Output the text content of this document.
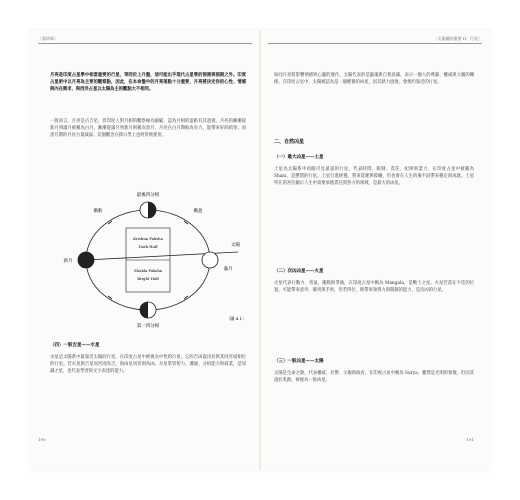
〔第四章〕
月亮是印度占星學中相當重要的行星，等同於上升盤，這可能出乎現代占星學的預測與預期之外。印度占星術中以月亮為主要的觀察點，因此，在本命盤中的月亮落點十分重要，月亮將決定你的心性、情感與內在需求，與西洋占星以太陽為主的觀點大不相同。
一般而言，月亮是古吉星，但印度人對月相的觀察極為細膩，認為月相的盈虧有其意義，月亮的漸漸從新月到滿月被稱為白月，漸漸從滿月到新月則稱為黑月，月亮在白月期較為有力，能帶來好的結果；而黑月期的月亮力量減弱。這個觀念在擇日學上也經常被使用。
最後四分相
第一四分相
新月
滿月
漸虧	漸盈
太陽
Krishna Paksha
Dark Half
Shukla Paksha
Bright Half
〔圖 4.1〕
（四）一般吉星——水星
水星是太陽系中最靠近太陽的行星，在印度占星中被視為中性的行星，它的吉凶取決於與其同宮或相位的行星。若水星與吉星同宮則為吉，與凶星同宮則為凶。水星掌管智力、溝通、分析能力與商業，是知識之星，也代表學習與文字表達的能力。
190
〔天象圖的重要 II：行星〕
如同月亮將影響情緒與心靈的運作，太陽代表的是靈魂與自我意識，表示一個人的尊嚴、權威與父親的關係。在印度占星中，太陽被認為是一個輕微的凶星，因其熱力過強，會燒灼靠近的行星。
二、自然凶星
（一）最大凶星——土星
土星為太陽系中肉眼可見最遠的行星，代表時間、限制、責任、紀律與業力，在印度占星中被稱為 Shani，是懲罰的行星。土星行進緩慢，帶來延遲與障礙，但也會在人生的後半段帶來穩定與成就。土星所在的宮位顯示人生中需要承擔責任與努力的領域，是最大的凶星。
（二）次凶凶星——火星
火星代表行動力、勇氣、衝動與爭執，在印度占星中稱為 Mangala，是戰士之星。火星若落在不佳的位置，可能帶來意外、衝突與手術，但若得位，則帶來領導力與開創的能力，是次凶的行星。
（三）一般凶星——太陽
太陽是生命之源，代表權威、名譽、父親與政府。在印度占星中稱為 Surya，雖然是光明的象徵，但因其過於炙熱，被視為一般凶星。
191
